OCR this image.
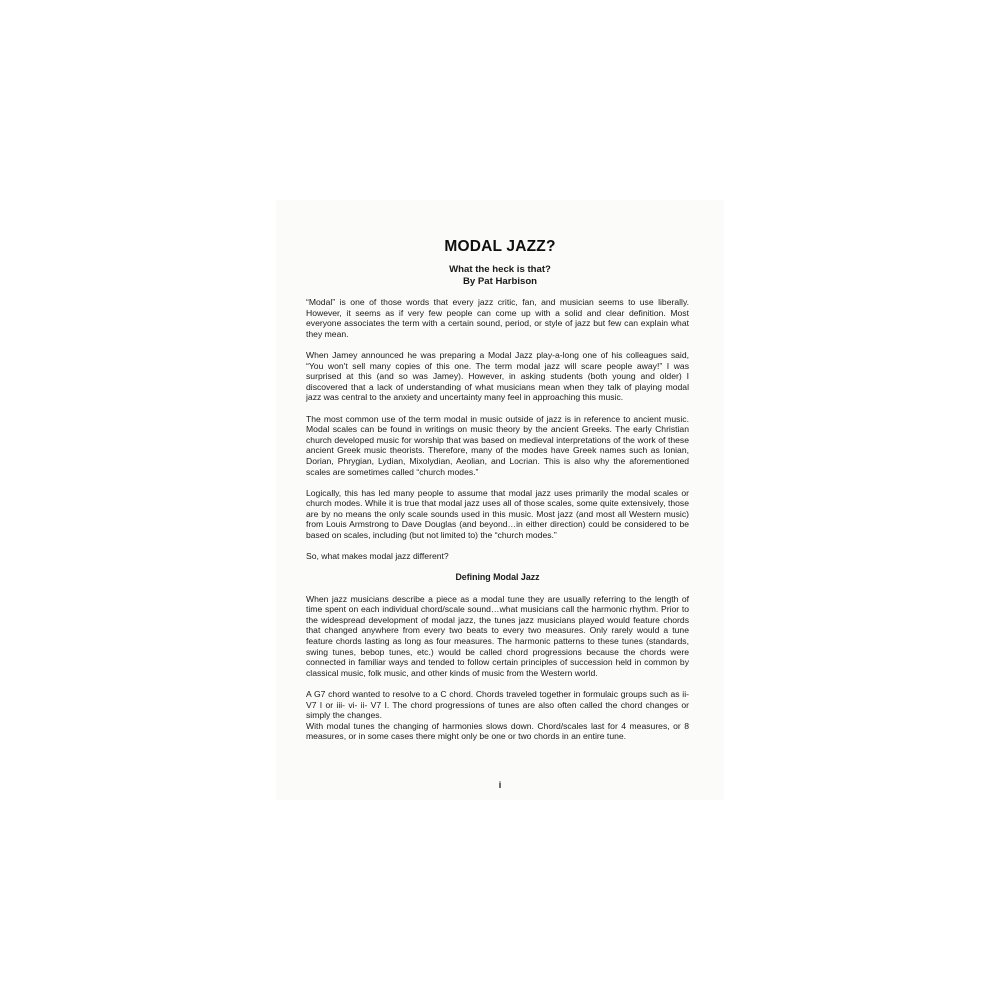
MODAL JAZZ?
What the heck is that?
By Pat Harbison

“Modal” is one of those words that every jazz critic, fan, and musician seems to use liberally. However, it seems as if very few people can come up with a solid and clear definition. Most everyone associates the term with a certain sound, period, or style of jazz but few can explain what they mean.

When Jamey announced he was preparing a Modal Jazz play-a-long one of his colleagues said, “You won't sell many copies of this one. The term modal jazz will scare people away!” I was surprised at this (and so was Jamey). However, in asking students (both young and older) I discovered that a lack of understanding of what musicians mean when they talk of playing modal jazz was central to the anxiety and uncertainty many feel in approaching this music.

The most common use of the term modal in music outside of jazz is in reference to ancient music. Modal scales can be found in writings on music theory by the ancient Greeks. The early Christian church developed music for worship that was based on medieval interpretations of the work of these ancient Greek music theorists. Therefore, many of the modes have Greek names such as Ionian, Dorian, Phrygian, Lydian, Mixolydian, Aeolian, and Locrian. This is also why the aforementioned scales are sometimes called “church modes.”

Logically, this has led many people to assume that modal jazz uses primarily the modal scales or church modes. While it is true that modal jazz uses all of those scales, some quite extensively, those are by no means the only scale sounds used in this music. Most jazz (and most all Western music) from Louis Armstrong to Dave Douglas (and beyond…in either direction) could be considered to be based on scales, including (but not limited to) the “church modes.”

So, what makes modal jazz different?

Defining Modal Jazz

When jazz musicians describe a piece as a modal tune they are usually referring to the length of time spent on each individual chord/scale sound…what musicians call the harmonic rhythm. Prior to the widespread development of modal jazz, the tunes jazz musicians played would feature chords that changed anywhere from every two beats to every two measures. Only rarely would a tune feature chords lasting as long as four measures. The harmonic patterns to these tunes (standards, swing tunes, bebop tunes, etc.) would be called chord progressions because the chords were connected in familiar ways and tended to follow certain principles of succession held in common by classical music, folk music, and other kinds of music from the Western world.

A G7 chord wanted to resolve to a C chord. Chords traveled together in formulaic groups such as ii- V7 I or iii- vi- ii- V7 I. The chord progressions of tunes are also often called the chord changes or simply the changes.

With modal tunes the changing of harmonies slows down. Chord/scales last for 4 measures, or 8 measures, or in some cases there might only be one or two chords in an entire tune.

i
